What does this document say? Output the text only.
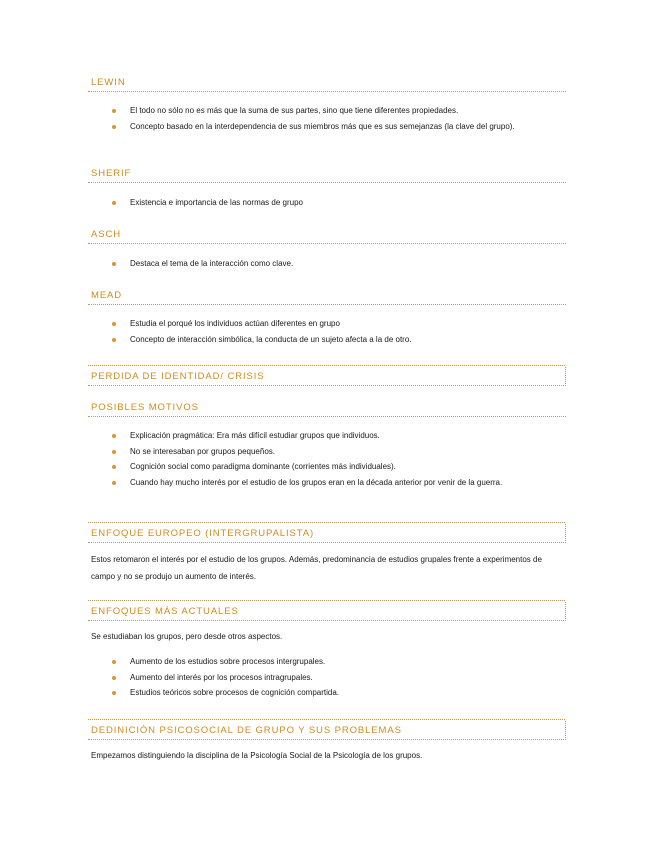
LEWIN
El todo no sólo no es más que la suma de sus partes, sino que tiene diferentes propiedades.
Concepto basado en la interdependencia de sus miembros más que es sus semejanzas (la clave del grupo).
SHERIF
Existencia e importancia de las normas de grupo
ASCH
Destaca el tema de la interacción como clave.
MEAD
Estudia el porqué los individuos actúan diferentes en grupo
Concepto de interacción simbólica, la conducta de un sujeto afecta a la de otro.
PERDIDA DE IDENTIDAD/ CRISIS
POSIBLES MOTIVOS
Explicación pragmática: Era más difícil estudiar grupos que individuos.
No se interesaban por grupos pequeños.
Cognición social como paradigma dominante (corrientes más individuales).
Cuando hay mucho interés por el estudio de los grupos eran en la década anterior por venir de la guerra.
ENFOQUE EUROPEO (INTERGRUPALISTA)
Estos retomaron el interés por el estudio de los grupos. Además, predominancia de estudios grupales frente a experimentos de campo y no se produjo un aumento de interés.
ENFOQUES MÁS ACTUALES
Se estudiaban los grupos, pero desde otros aspectos.
Aumento de los estudios sobre procesos intergrupales.
Aumento del interés por los procesos intragrupales.
Estudios teóricos sobre procesos de cognición compartida.
DEDINICIÓN PSICOSOCIAL DE GRUPO Y SUS PROBLEMAS
Empezamos distinguiendo la disciplina de la Psicología Social de la Psicología de los grupos.
